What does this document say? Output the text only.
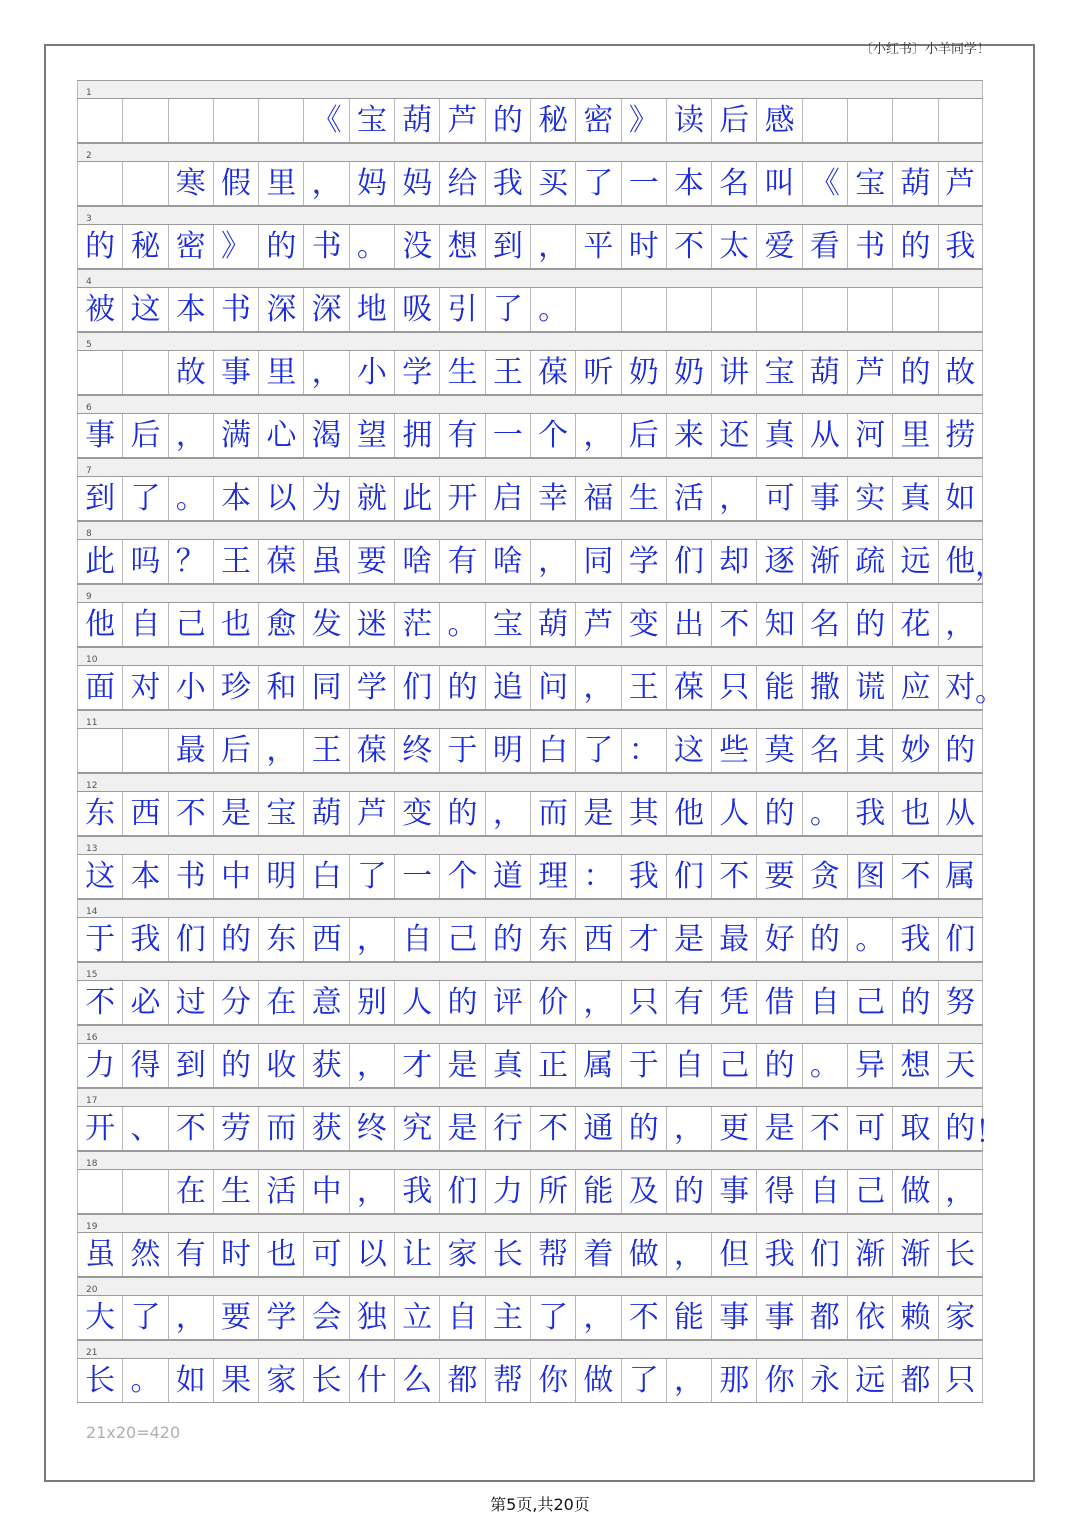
〔小红书〕小羊同学！
1
《 宝 葫 芦 的 秘 密 》 读 后 感
2
寒 假 里 ， 妈 妈 给 我 买 了 一 本 名 叫 《 宝 葫 芦
3
的 秘 密 》 的 书 。 没 想 到 ， 平 时 不 太 爱 看 书 的 我
4
被 这 本 书 深 深 地 吸 引 了 。
5
故 事 里 ， 小 学 生 王 葆 听 奶 奶 讲 宝 葫 芦 的 故
6
事 后 ， 满 心 渴 望 拥 有 一 个 ， 后 来 还 真 从 河 里 捞
7
到 了 。 本 以 为 就 此 开 启 幸 福 生 活 ， 可 事 实 真 如
8
此 吗 ？ 王 葆 虽 要 啥 有 啥 ， 同 学 们 却 逐 渐 疏 远 他 ，
9
他 自 己 也 愈 发 迷 茫 。 宝 葫 芦 变 出 不 知 名 的 花 ，
10
面 对 小 珍 和 同 学 们 的 追 问 ， 王 葆 只 能 撒 谎 应 对 。
11
最 后 ， 王 葆 终 于 明 白 了 ： 这 些 莫 名 其 妙 的
12
东 西 不 是 宝 葫 芦 变 的 ， 而 是 其 他 人 的 。 我 也 从
13
这 本 书 中 明 白 了 一 个 道 理 ： 我 们 不 要 贪 图 不 属
14
于 我 们 的 东 西 ， 自 己 的 东 西 才 是 最 好 的 。 我 们
15
不 必 过 分 在 意 别 人 的 评 价 ， 只 有 凭 借 自 己 的 努
16
力 得 到 的 收 获 ， 才 是 真 正 属 于 自 己 的 。 异 想 天
17
开 、 不 劳 而 获 终 究 是 行 不 通 的 ， 更 是 不 可 取 的 ！
18
在 生 活 中 ， 我 们 力 所 能 及 的 事 得 自 己 做 ，
19
虽 然 有 时 也 可 以 让 家 长 帮 着 做 ， 但 我 们 渐 渐 长
20
大 了 ， 要 学 会 独 立 自 主 了 ， 不 能 事 事 都 依 赖 家
21
长 。 如 果 家 长 什 么 都 帮 你 做 了 ， 那 你 永 远 都 只
21x20=420
第5页,共20页
